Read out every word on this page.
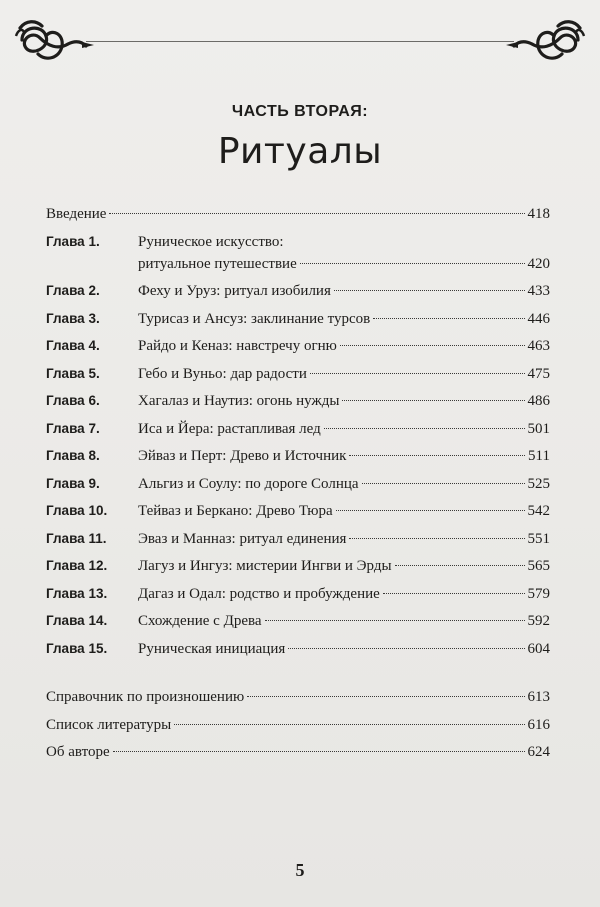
ЧАСТЬ ВТОРАЯ:
Ритуалы
Введение	418
Глава 1.	Руническое искусство:
ритуальное путешествие	420
Глава 2.	Феху и Уруз: ритуал изобилия	433
Глава 3.	Турисаз и Ансуз: заклинание турсов	446
Глава 4.	Райдо и Кеназ: навстречу огню	463
Глава 5.	Гебо и Вуньо: дар радости	475
Глава 6.	Хагалаз и Наутиз: огонь нужды	486
Глава 7.	Иса и Йера: растапливая лед	501
Глава 8.	Эйваз и Перт: Древо и Источник	511
Глава 9.	Альгиз и Соулу: по дороге Солнца	525
Глава 10.	Тейваз и Беркано: Древо Тюра	542
Глава 11.	Эваз и Манназ: ритуал единения	551
Глава 12.	Лагуз и Ингуз: мистерии Ингви и Эрды	565
Глава 13.	Дагаз и Одал: родство и пробуждение	579
Глава 14.	Схождение с Древа	592
Глава 15.	Руническая инициация	604
Справочник по произношению	613
Список литературы	616
Об авторе	624
5
